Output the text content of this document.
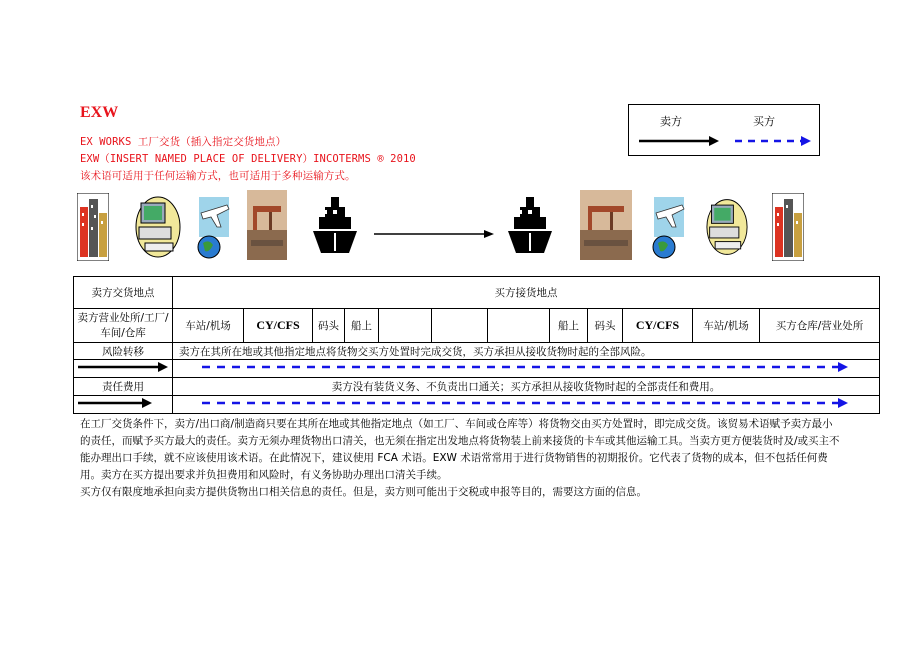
EXW
EX WORKS 工厂交货（插入指定交货地点）
EXW（INSERT NAMED PLACE OF DELIVERY）INCOTERMS ® 2010
该术语可适用于任何运输方式，也可适用于多种运输方式。
卖方	买方
卖方交货地点	买方接货地点											
卖方营业处所/工厂/车间/仓库	车站/机场	CY/CFS	码头	船上				船上	码头	CY/CFS	车站/机场	买方仓库/营业处所
风险转移	卖方在其所在地或其他指定地点将货物交买方处置时完成交货，买方承担从接收货物时起的全部风险。											

责任费用	卖方没有装货义务、不负责出口通关；买方承担从接收货物时起的全部责任和费用。											

在工厂交货条件下，卖方/出口商/制造商只要在其所在地或其他指定地点（如工厂、车间或仓库等）将货物交由买方处置时，即完成交货。该贸易术语赋予卖方最小的责任，而赋予买方最大的责任。卖方无须办理货物出口清关，也无须在指定出发地点将货物装上前来接货的卡车或其他运输工具。当卖方更方便装货时及/或买主不能办理出口手续，就不应该使用该术语。在此情况下，建议使用 FCA 术语。EXW 术语常常用于进行货物销售的初期报价。它代表了货物的成本，但不包括任何费用。卖方在买方提出要求并负担费用和风险时，有义务协助办理出口清关手续。

买方仅有限度地承担向卖方提供货物出口相关信息的责任。但是，卖方则可能出于交税或申报等目的，需要这方面的信息。
